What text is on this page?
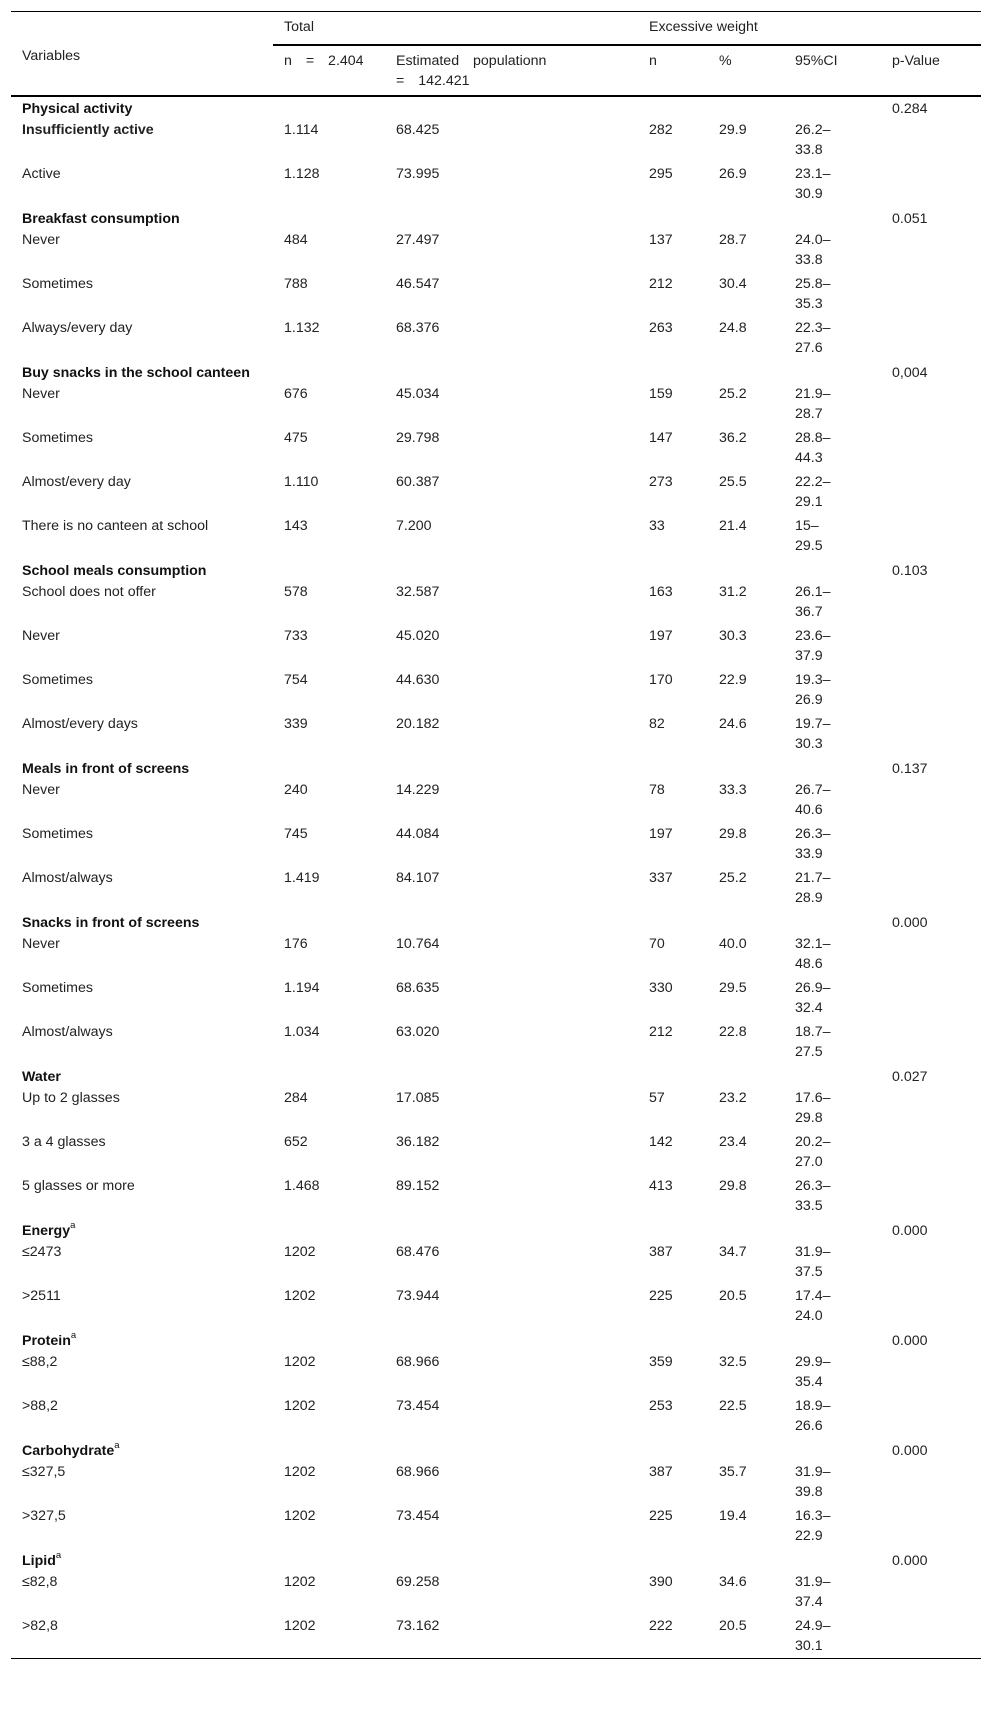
Variables	Total		Excessive weight			
	n = 2.404	Estimated populationn = 142.421	n	%	95%CI	p-Value
Physical activity						0.284
Insufficiently active	1.114	68.425	282	29.9	26.2–33.8	
Active	1.128	73.995	295	26.9	23.1–30.9	
Breakfast consumption						0.051
Never	484	27.497	137	28.7	24.0–33.8	
Sometimes	788	46.547	212	30.4	25.8–35.3	
Always/every day	1.132	68.376	263	24.8	22.3–27.6	
Buy snacks in the school canteen						0,004
Never	676	45.034	159	25.2	21.9–28.7	
Sometimes	475	29.798	147	36.2	28.8–44.3	
Almost/every day	1.110	60.387	273	25.5	22.2–29.1	
There is no canteen at school	143	7.200	33	21.4	15–29.5	
School meals consumption						0.103
School does not offer	578	32.587	163	31.2	26.1–36.7	
Never	733	45.020	197	30.3	23.6–37.9	
Sometimes	754	44.630	170	22.9	19.3–26.9	
Almost/every days	339	20.182	82	24.6	19.7–30.3	
Meals in front of screens						0.137
Never	240	14.229	78	33.3	26.7–40.6	
Sometimes	745	44.084	197	29.8	26.3–33.9	
Almost/always	1.419	84.107	337	25.2	21.7–28.9	
Snacks in front of screens						0.000
Never	176	10.764	70	40.0	32.1–48.6	
Sometimes	1.194	68.635	330	29.5	26.9–32.4	
Almost/always	1.034	63.020	212	22.8	18.7–27.5	
Water						0.027
Up to 2 glasses	284	17.085	57	23.2	17.6–29.8	
3 a 4 glasses	652	36.182	142	23.4	20.2–27.0	
5 glasses or more	1.468	89.152	413	29.8	26.3–33.5	
Energy$^a$						0.000
≤2473	1202	68.476	387	34.7	31.9–37.5	
>2511	1202	73.944	225	20.5	17.4–24.0	
Protein$^a$						0.000
≤88,2	1202	68.966	359	32.5	29.9–35.4	
>88,2	1202	73.454	253	22.5	18.9–26.6	
Carbohydrate$^a$						0.000
≤327,5	1202	68.966	387	35.7	31.9–39.8	
>327,5	1202	73.454	225	19.4	16.3–22.9	
Lipid$^a$						0.000
≤82,8	1202	69.258	390	34.6	31.9–37.4	
>82,8	1202	73.162	222	20.5	24.9–30.1	
